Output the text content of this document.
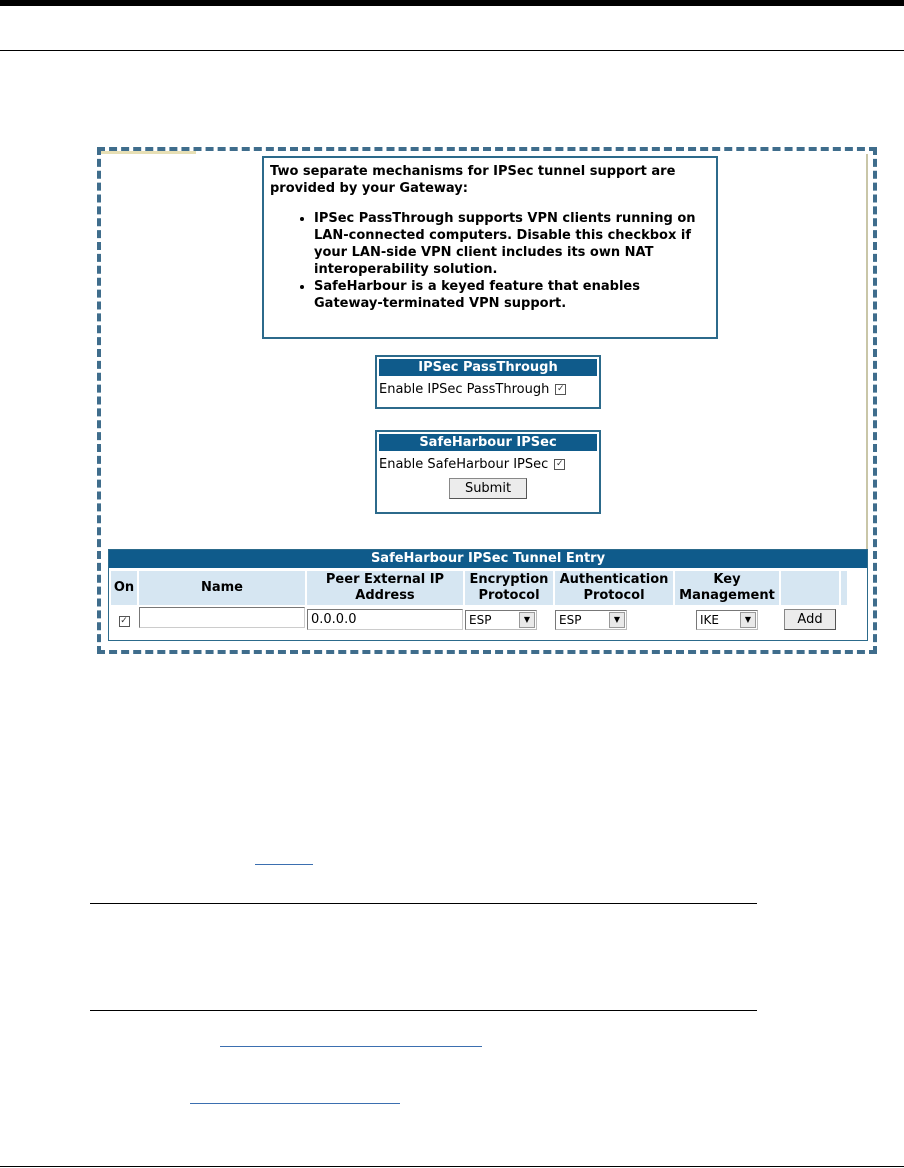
Two separate mechanisms for IPSec tunnel support are provided by your Gateway:

• IPSec PassThrough supports VPN clients running on LAN-connected computers. Disable this checkbox if your LAN-side VPN client includes its own NAT interoperability solution.
• SafeHarbour is a keyed feature that enables Gateway-terminated VPN support.
IPSec PassThrough
Enable IPSec PassThrough ✓
SafeHarbour IPSec
Enable SafeHarbour IPSec ✓
Submit
SafeHarbour IPSec Tunnel Entry
On	Name	Peer External IP Address	Encryption Protocol	Authentication Protocol	Key Management		
✓		0.0.0.0	ESP ▼	ESP ▼	IKE ▼	Add	
